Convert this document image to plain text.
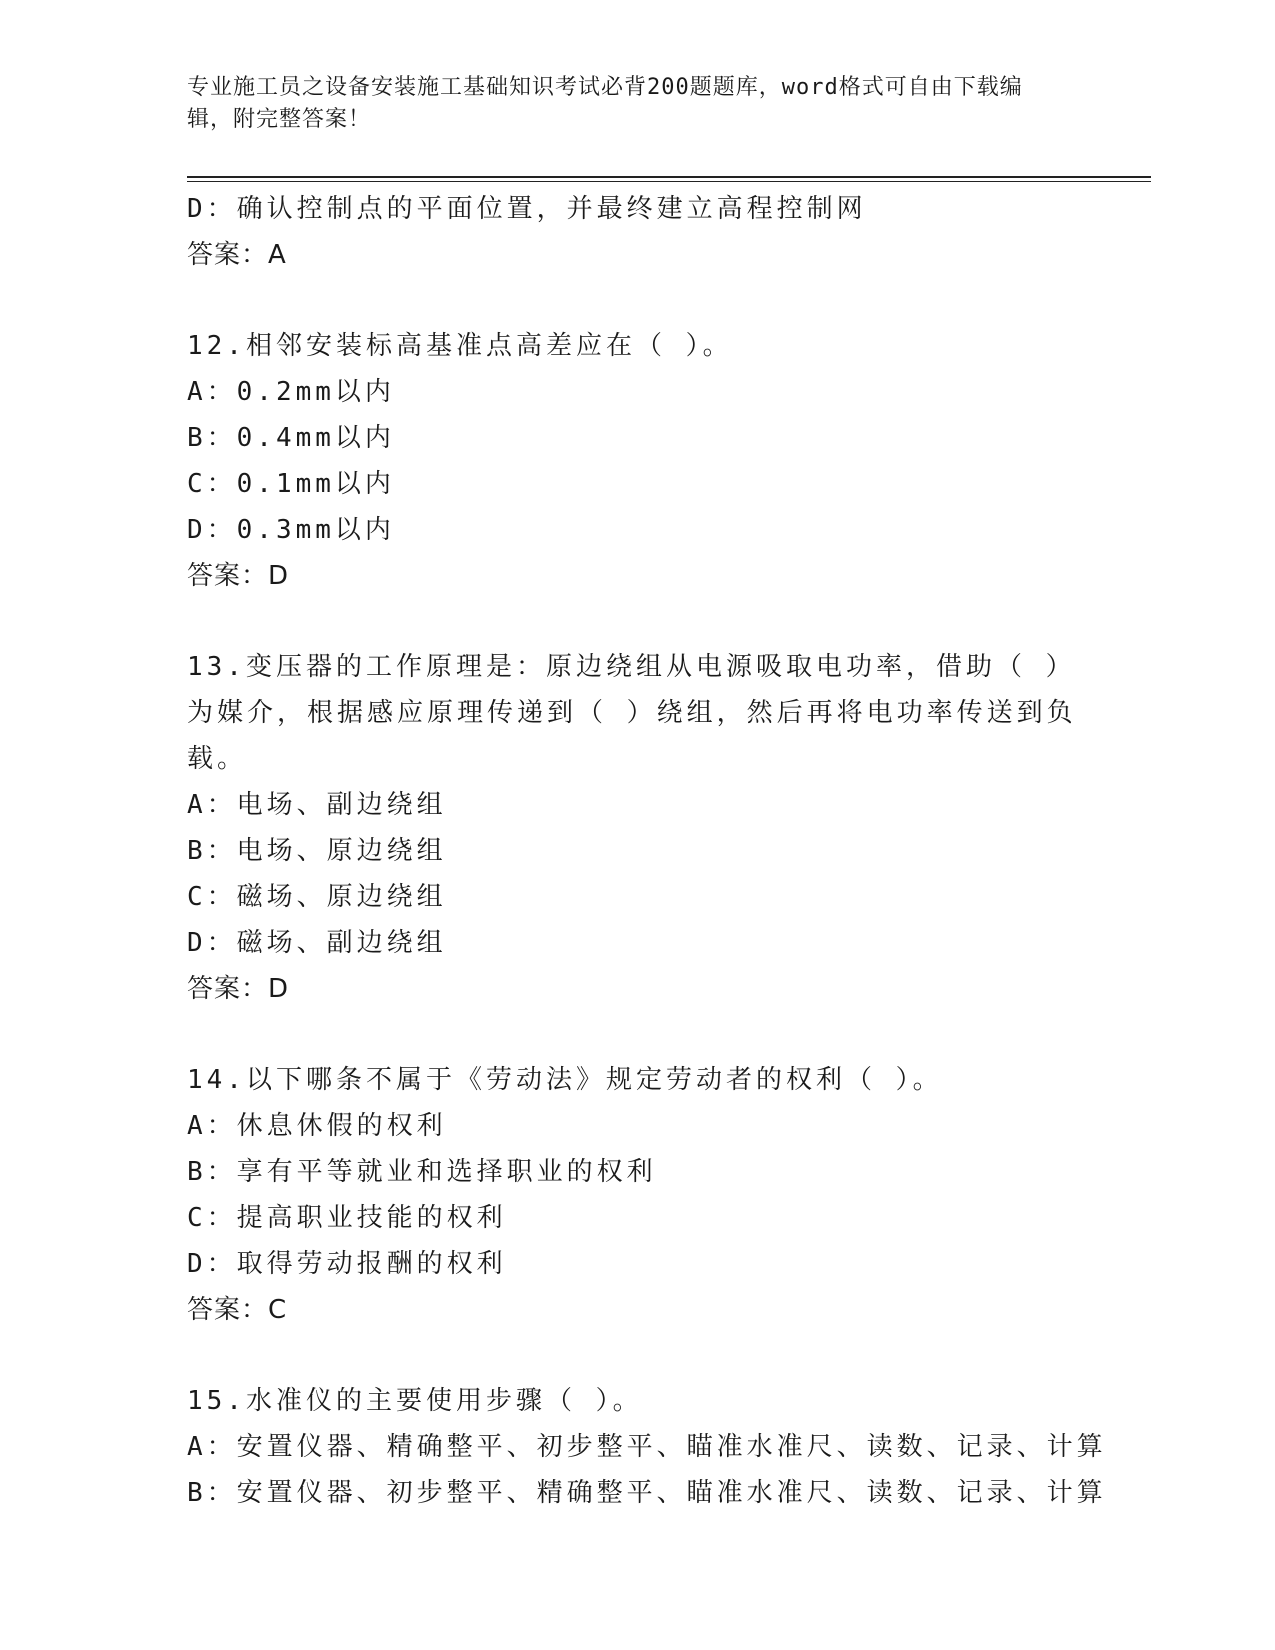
专业施工员之设备安装施工基础知识考试必背200题题库，word格式可自由下载编辑，附完整答案！
D：确认控制点的平面位置，并最终建立高程控制网
答案：A
12.相邻安装标高基准点高差应在（ ）。
A：0.2mm以内
B：0.4mm以内
C：0.1mm以内
D：0.3mm以内
答案：D
13.变压器的工作原理是：原边绕组从电源吸取电功率，借助（ ）为媒介，根据感应原理传递到（ ）绕组，然后再将电功率传送到负载。
A：电场、副边绕组
B：电场、原边绕组
C：磁场、原边绕组
D：磁场、副边绕组
答案：D
14.以下哪条不属于《劳动法》规定劳动者的权利（ ）。
A：休息休假的权利
B：享有平等就业和选择职业的权利
C：提高职业技能的权利
D：取得劳动报酬的权利
答案：C
15.水准仪的主要使用步骤（ ）。
A：安置仪器、精确整平、初步整平、瞄准水准尺、读数、记录、计算
B：安置仪器、初步整平、精确整平、瞄准水准尺、读数、记录、计算
